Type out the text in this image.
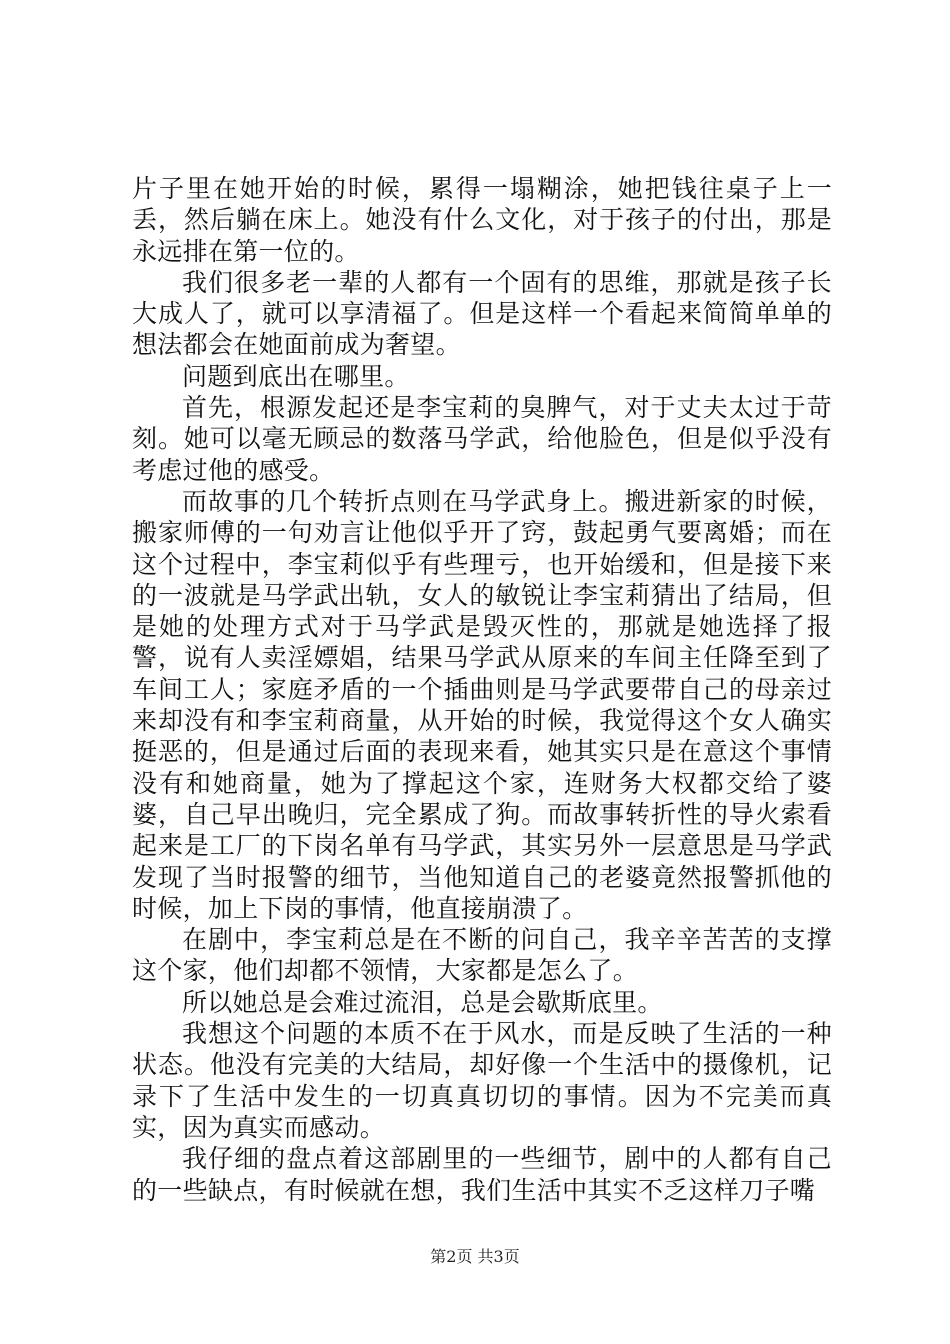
片子里在她开始的时候，累得一塌糊涂，她把钱往桌子上一丢，然后躺在床上。她没有什么文化，对于孩子的付出，那是永远排在第一位的。

我们很多老一辈的人都有一个固有的思维，那就是孩子长大成人了，就可以享清福了。但是这样一个看起来简简单单的想法都会在她面前成为奢望。

问题到底出在哪里。

首先，根源发起还是李宝莉的臭脾气，对于丈夫太过于苛刻。她可以毫无顾忌的数落马学武，给他脸色，但是似乎没有考虑过他的感受。

而故事的几个转折点则在马学武身上。搬进新家的时候，搬家师傅的一句劝言让他似乎开了窍，鼓起勇气要离婚；而在这个过程中，李宝莉似乎有些理亏，也开始缓和，但是接下来的一波就是马学武出轨，女人的敏锐让李宝莉猜出了结局，但是她的处理方式对于马学武是毁灭性的，那就是她选择了报警，说有人卖淫嫖娼，结果马学武从原来的车间主任降至到了车间工人；家庭矛盾的一个插曲则是马学武要带自己的母亲过来却没有和李宝莉商量，从开始的时候，我觉得这个女人确实挺恶的，但是通过后面的表现来看，她其实只是在意这个事情没有和她商量，她为了撑起这个家，连财务大权都交给了婆婆，自己早出晚归，完全累成了狗。而故事转折性的导火索看起来是工厂的下岗名单有马学武，其实另外一层意思是马学武发现了当时报警的细节，当他知道自己的老婆竟然报警抓他的时候，加上下岗的事情，他直接崩溃了。

在剧中，李宝莉总是在不断的问自己，我辛辛苦苦的支撑这个家，他们却都不领情，大家都是怎么了。

所以她总是会难过流泪，总是会歇斯底里。

我想这个问题的本质不在于风水，而是反映了生活的一种状态。他没有完美的大结局，却好像一个生活中的摄像机，记录下了生活中发生的一切真真切切的事情。因为不完美而真实，因为真实而感动。

我仔细的盘点着这部剧里的一些细节，剧中的人都有自己的一些缺点，有时候就在想，我们生活中其实不乏这样刀子嘴

第2页 共3页
